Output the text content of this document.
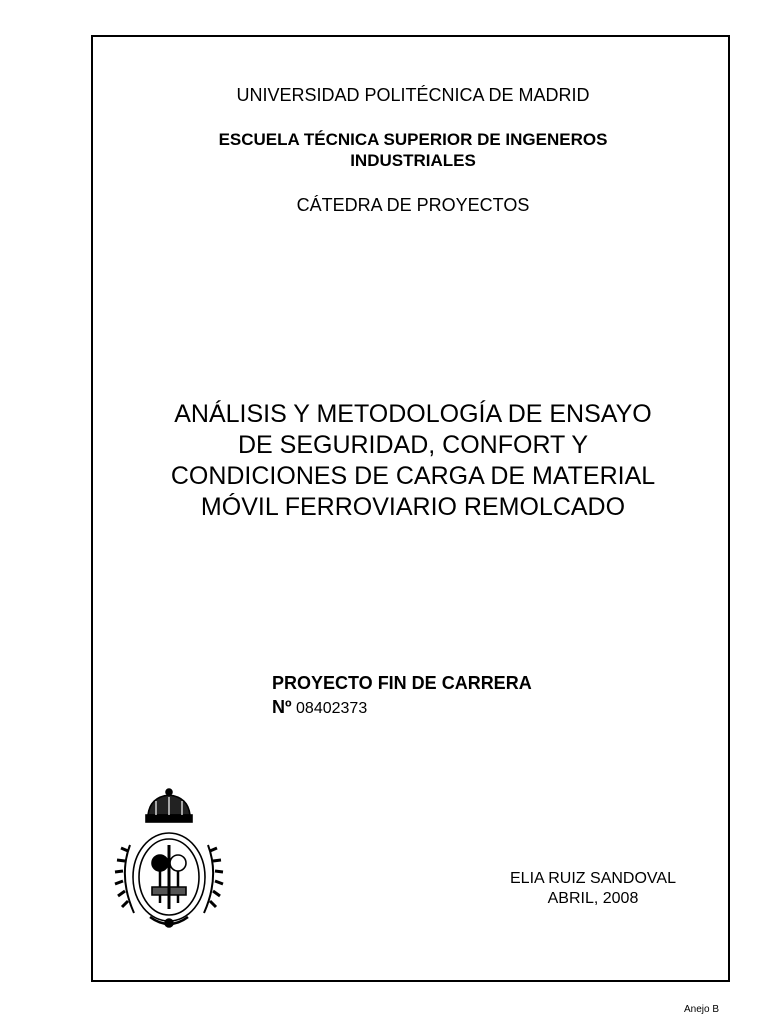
UNIVERSIDAD POLITÉCNICA DE MADRID
ESCUELA TÉCNICA SUPERIOR DE INGENEROS
INDUSTRIALES
CÁTEDRA DE PROYECTOS
ANÁLISIS Y METODOLOGÍA DE ENSAYO
DE SEGURIDAD, CONFORT Y
CONDICIONES DE CARGA DE MATERIAL
MÓVIL FERROVIARIO REMOLCADO
PROYECTO FIN DE CARRERA
Nº 08402373
ELIA RUIZ SANDOVAL
ABRIL, 2008
Anejo B
